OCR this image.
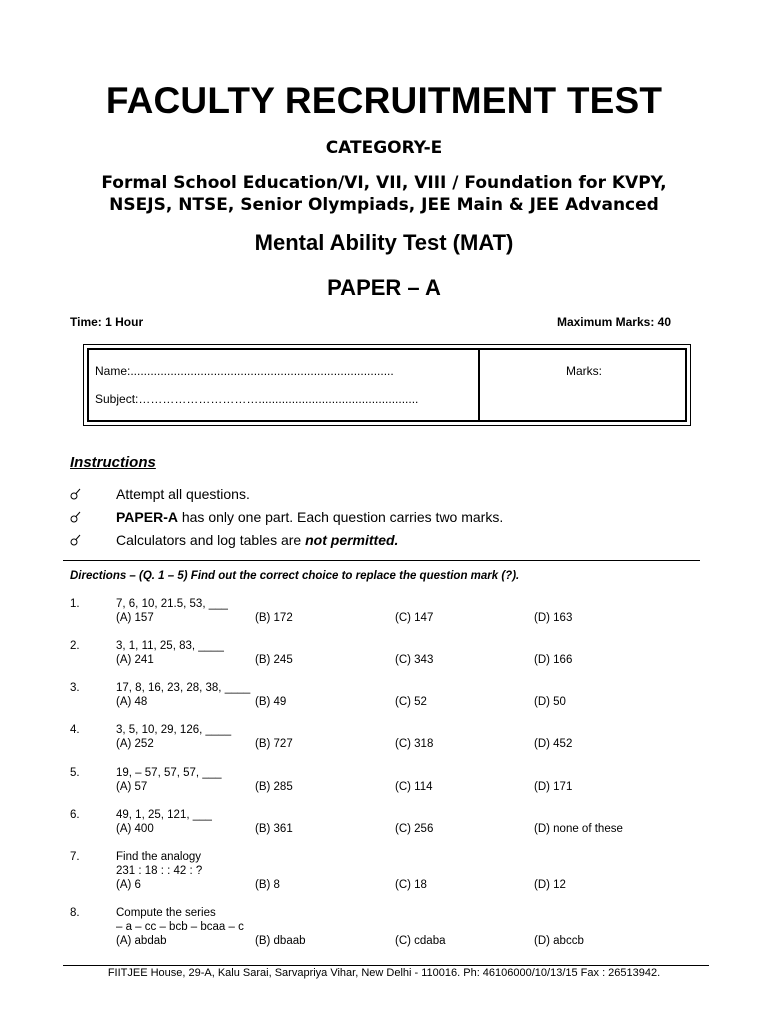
FACULTY RECRUITMENT TEST
CATEGORY-E
Formal School Education/VI, VII, VIII / Foundation for KVPY,
NSEJS, NTSE, Senior Olympiads, JEE Main & JEE Advanced
Mental Ability Test (MAT)
PAPER – A
Time: 1 Hour	Maximum Marks: 40
Name:...............................................................................
Subject:…………………………................................................
Marks:
Instructions
Attempt all questions.
PAPER-A has only one part. Each question carries two marks.
Calculators and log tables are not permitted.
Directions – (Q. 1 – 5) Find out the correct choice to replace the question mark (?).
1.	7, 6, 10, 21.5, 53, ___
(A) 157	(B) 172	(C) 147	(D) 163
2.	3, 1, 11, 25, 83, ____
(A) 241	(B) 245	(C) 343	(D) 166
3.	17, 8, 16, 23, 28, 38, ____
(A) 48	(B) 49	(C) 52	(D) 50
4.	3, 5, 10, 29, 126, ____
(A) 252	(B) 727	(C) 318	(D) 452
5.	19, – 57, 57, 57, ___
(A) 57	(B) 285	(C) 114	(D) 171
6.	49, 1, 25, 121, ___
(A) 400	(B) 361	(C) 256	(D) none of these
7.	Find the analogy
231 : 18 : : 42 : ?
(A) 6	(B) 8	(C) 18	(D) 12
8.	Compute the series
– a – cc – bcb – bcaa – c
(A) abdab	(B) dbaab	(C) cdaba	(D) abccb
FIITJEE House, 29-A, Kalu Sarai, Sarvapriya Vihar, New Delhi - 110016. Ph: 46106000/10/13/15 Fax : 26513942.
